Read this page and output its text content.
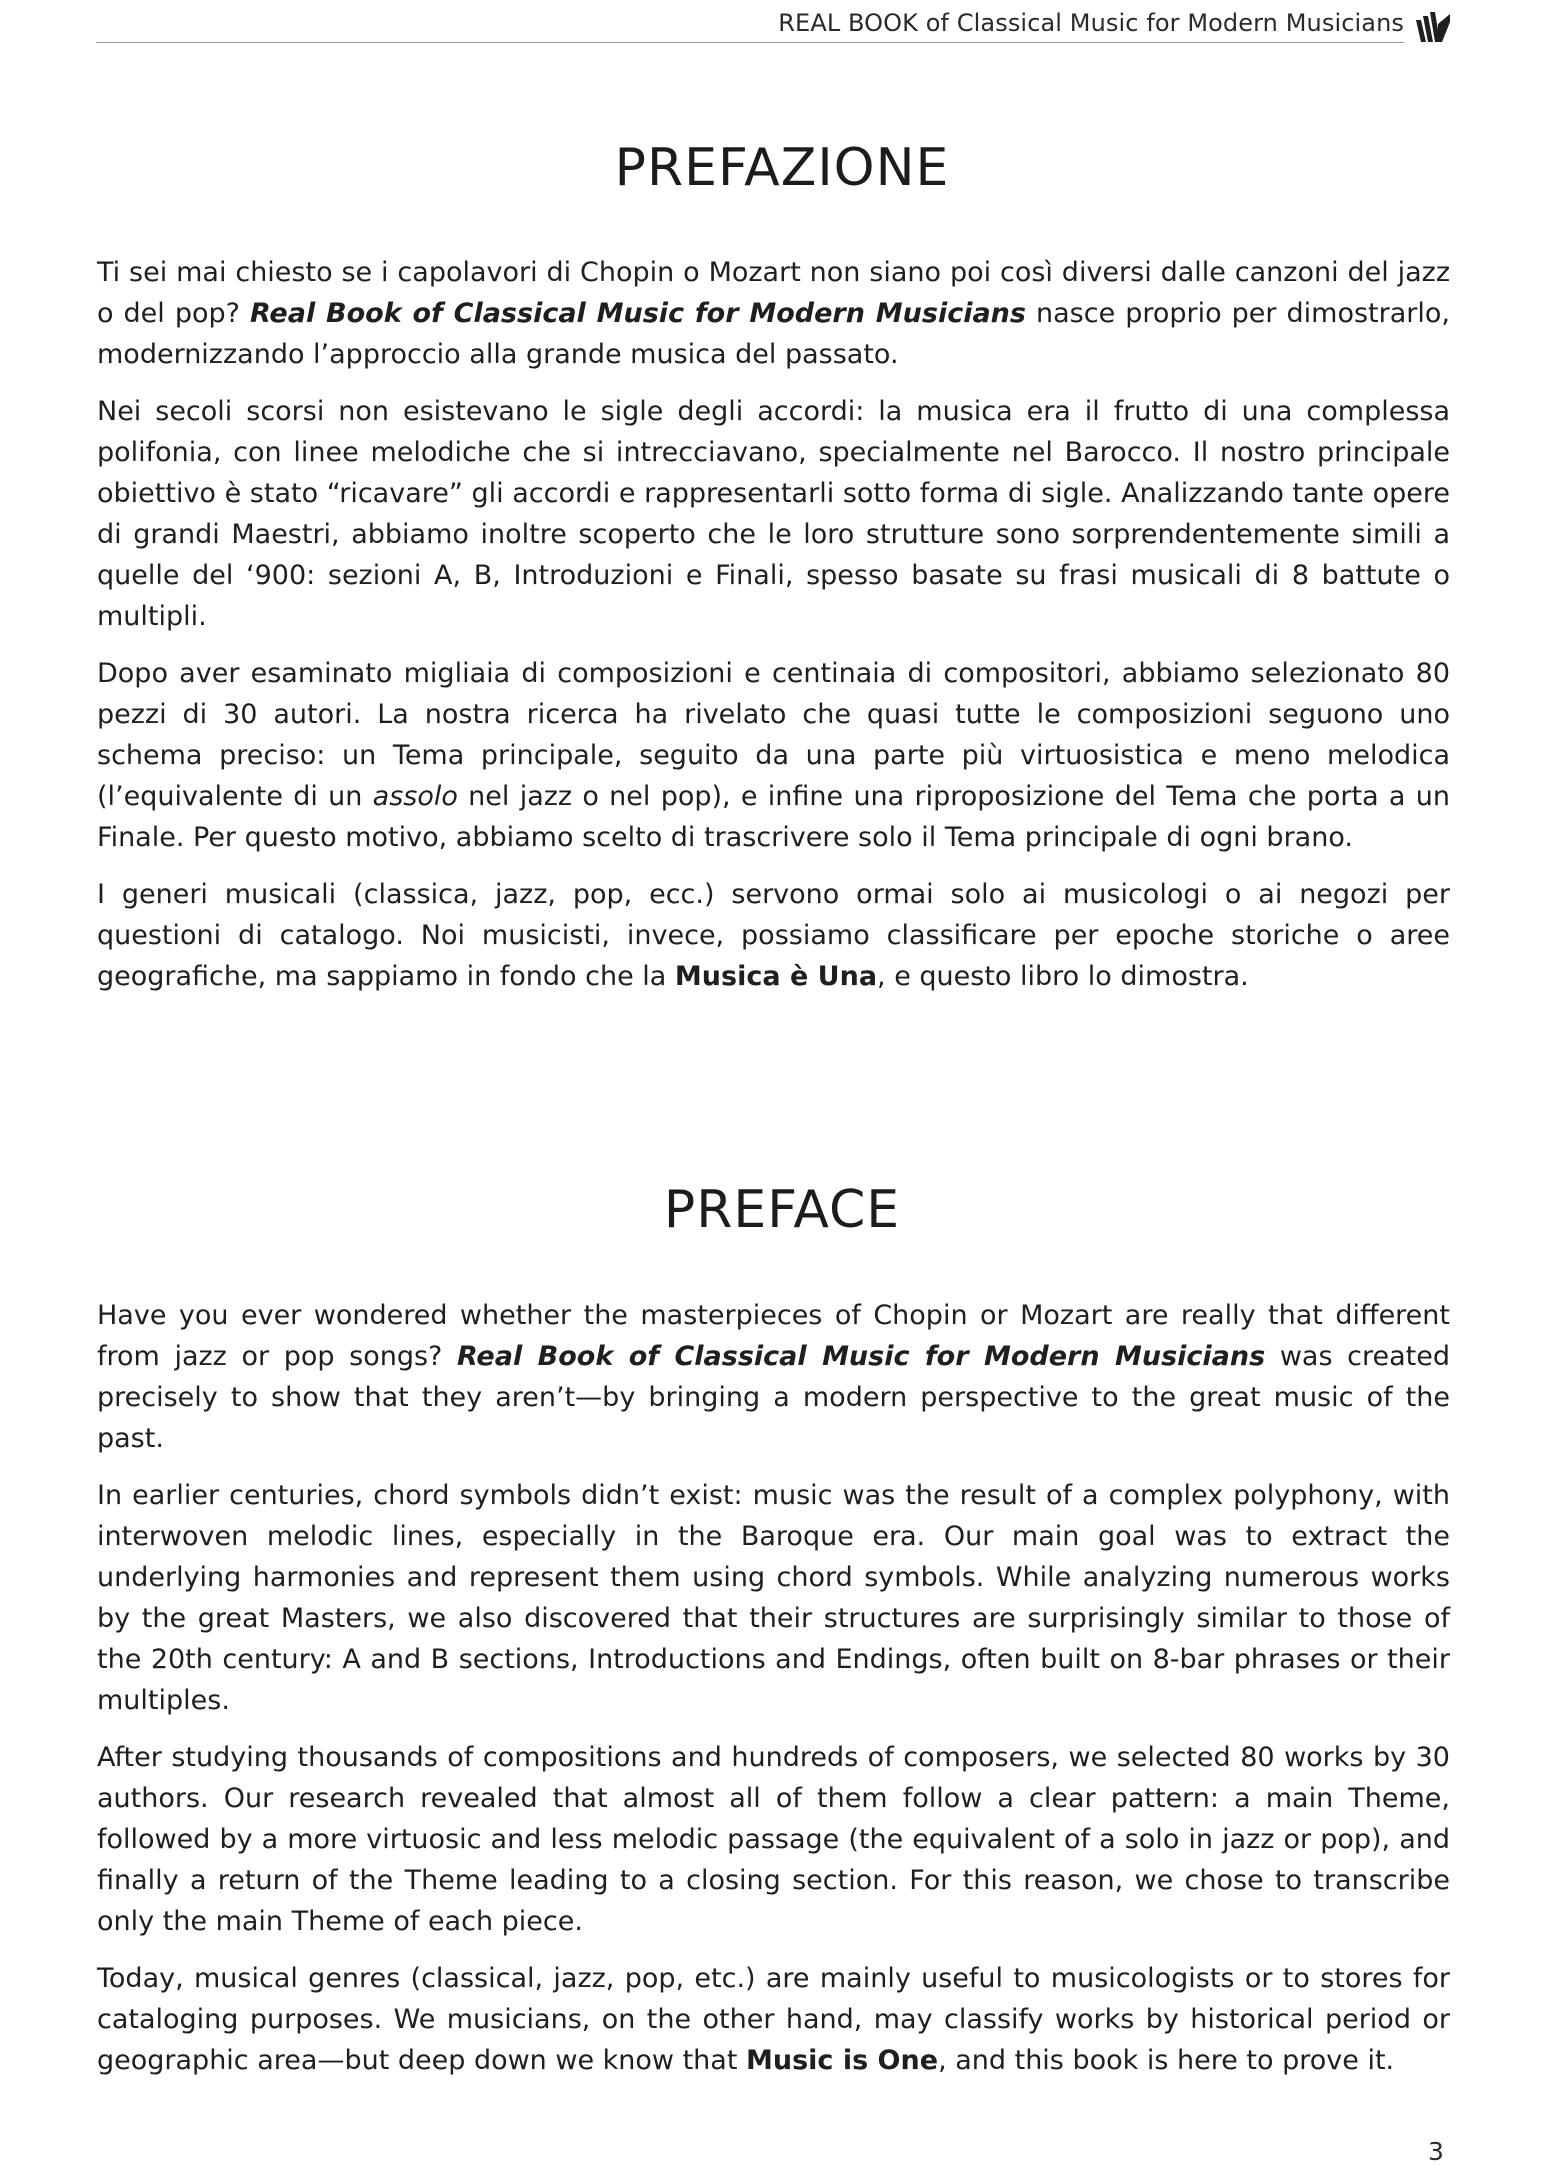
REAL BOOK of Classical Music for Modern Musicians
PREFAZIONE

Ti sei mai chiesto se i capolavori di Chopin o Mozart non siano poi così diversi dalle canzoni del jazz o del pop? Real Book of Classical Music for Modern Musicians nasce proprio per dimostrarlo, modernizzando l’approccio alla grande musica del passato.

Nei secoli scorsi non esistevano le sigle degli accordi: la musica era il frutto di una complessa polifonia, con linee melodiche che si intrecciavano, specialmente nel Barocco. Il nostro principale obiettivo è stato “ricavare” gli accordi e rappresentarli sotto forma di sigle. Analizzando tante opere di grandi Maestri, abbiamo inoltre scoperto che le loro strutture sono sorprendentemente simili a quelle del ‘900: sezioni A, B, Introduzioni e Finali, spesso basate su frasi musicali di 8 battute o multipli.

Dopo aver esaminato migliaia di composizioni e centinaia di compositori, abbiamo selezionato 80 pezzi di 30 autori. La nostra ricerca ha rivelato che quasi tutte le composizioni seguono uno schema preciso: un Tema principale, seguito da una parte più virtuosistica e meno melodica (l’equivalente di un assolo nel jazz o nel pop), e infine una riproposizione del Tema che porta a un Finale. Per questo motivo, abbiamo scelto di trascrivere solo il Tema principale di ogni brano.

I generi musicali (classica, jazz, pop, ecc.) servono ormai solo ai musicologi o ai negozi per questioni di catalogo. Noi musicisti, invece, possiamo classificare per epoche storiche o aree geografiche, ma sappiamo in fondo che la Musica è Una, e questo libro lo dimostra.

PREFACE

Have you ever wondered whether the masterpieces of Chopin or Mozart are really that different from jazz or pop songs? Real Book of Classical Music for Modern Musicians was created precisely to show that they aren’t—by bringing a modern perspective to the great music of the past.

In earlier centuries, chord symbols didn’t exist: music was the result of a complex polyphony, with interwoven melodic lines, especially in the Baroque era. Our main goal was to extract the underlying harmonies and represent them using chord symbols. While analyzing numerous works by the great Masters, we also discovered that their structures are surprisingly similar to those of the 20th century: A and B sections, Introductions and Endings, often built on 8-bar phrases or their multiples.

After studying thousands of compositions and hundreds of composers, we selected 80 works by 30 authors. Our research revealed that almost all of them follow a clear pattern: a main Theme, followed by a more virtuosic and less melodic passage (the equivalent of a solo in jazz or pop), and finally a return of the Theme leading to a closing section. For this reason, we chose to transcribe only the main Theme of each piece.

Today, musical genres (classical, jazz, pop, etc.) are mainly useful to musicologists or to stores for cataloging purposes. We musicians, on the other hand, may classify works by historical period or geographic area—but deep down we know that Music is One, and this book is here to prove it.

3
